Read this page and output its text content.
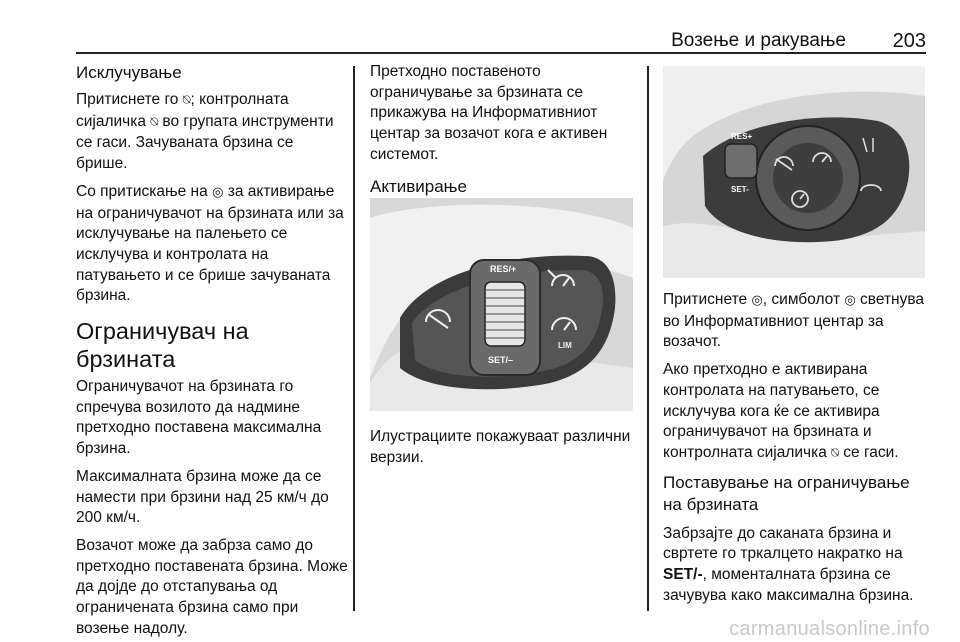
Возење и ракување 203
Исклучување

Притиснете го ⍉; контролната сијаличка ⍉ во групата инструменти се гаси. Зачуваната брзина се брише.

Со притискање на ◎ за активирање на ограничувачот на брзината или за исклучување на палењето се исклучува и контролата на патувањето и се брише зачуваната брзина.

Ограничувач на брзината

Ограничувачот на брзината го спречува возилото да надмине претходно поставена максимална брзина.

Максималната брзина може да се намести при брзини над 25 км/ч до 200 км/ч.

Возачот може да забрза само до претходно поставената брзина. Може да дојде до отстапувања од ограничената брзина само при возење надолу.

Претходно поставеното ограничување за брзината се прикажува на Информативниот центар за возачот кога е активен системот.

Активирање
RES/+
SET/–
LIM

Илустрациите покажуваат различни верзии.

RES+
SET-

Притиснете ◎, симболот ◎ светнува во Информативниот центар за возачот.

Ако претходно е активирана контролата на патувањето, се исклучува кога ќе се активира ограничувачот на брзината и контролната сијаличка ⍉ се гаси.

Поставување на ограничување на брзината

Забрзајте до саканата брзина и свртете го тркалцето накратко на SET/-, моменталната брзина се зачувува како максимална брзина.

carmanualsonline.info
